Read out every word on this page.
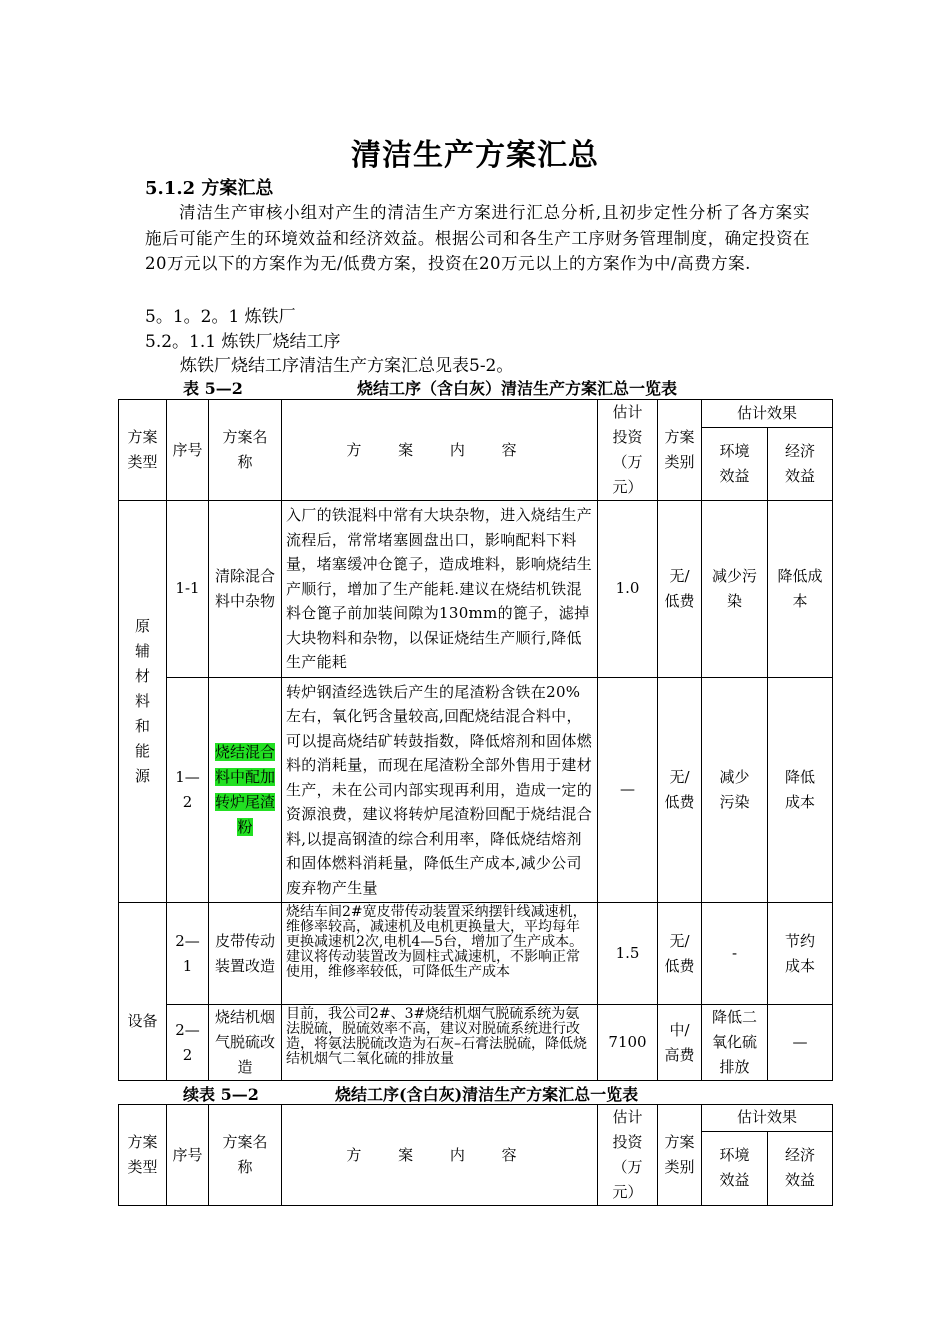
清洁生产方案汇总
5.1.2 方案汇总
清洁生产审核小组对产生的清洁生产方案进行汇总分析,且初步定性分析了各方案实施后可能产生的环境效益和经济效益。根据公司和各生产工序财务管理制度，确定投资在20万元以下的方案作为无/低费方案，投资在20万元以上的方案作为中/高费方案.
5。1。2。1 炼铁厂
5.2。1.1 炼铁厂烧结工序
炼铁厂烧结工序清洁生产方案汇总见表5-2。
表 5—2	烧结工序（含白灰）清洁生产方案汇总一览表
方案类型	序号	方案名称	方 案 内 容	估计投资（万元）	方案类别	估计效果	
						环境效益	经济效益
原辅材料和能源	1-1	清除混合料中杂物	入厂的铁混料中常有大块杂物，进入烧结生产流程后，常常堵塞圆盘出口，影响配料下料量，堵塞缓冲仓篦子，造成堆料，影响烧结生产顺行，增加了生产能耗.建议在烧结机铁混料仓篦子前加装间隙为130mm的篦子，滤掉大块物料和杂物，以保证烧结生产顺行,降低生产能耗	1.0	无/低费	减少污染	降低成本
	1—2	烧结混合料中配加转炉尾渣粉	转炉钢渣经选铁后产生的尾渣粉含铁在20%左右，氧化钙含量较高,回配烧结混合料中，可以提高烧结矿转鼓指数，降低熔剂和固体燃料的消耗量，而现在尾渣粉全部外售用于建材生产，未在公司内部实现再利用，造成一定的资源浪费，建议将转炉尾渣粉回配于烧结混合料,以提高钢渣的综合利用率，降低烧结熔剂和固体燃料消耗量，降低生产成本,减少公司废弃物产生量	—	无/低费	减少污染	降低成本
设备	2—1	皮带传动装置改造	烧结车间2#宽皮带传动装置采纳摆针线减速机，维修率较高，减速机及电机更换量大，平均每年更换减速机2次,电机4—5台，增加了生产成本。建议将传动装置改为圆柱式减速机，不影响正常使用，维修率较低，可降低生产成本	1.5	无/低费	-	节约成本
	2—2	烧结机烟气脱硫改造	目前，我公司2#、3#烧结机烟气脱硫系统为氨法脱硫，脱硫效率不高，建议对脱硫系统进行改造，将氨法脱硫改造为石灰–石膏法脱硫，降低烧结机烟气二氧化硫的排放量	7100	中/高费	降低二氧化硫排放	—
续表 5—2	烧结工序(含白灰)清洁生产方案汇总一览表
方案类型	序号	方案名称	方 案 内 容	估计投资（万元）	方案类别	估计效果	
						环境效益	经济效益
